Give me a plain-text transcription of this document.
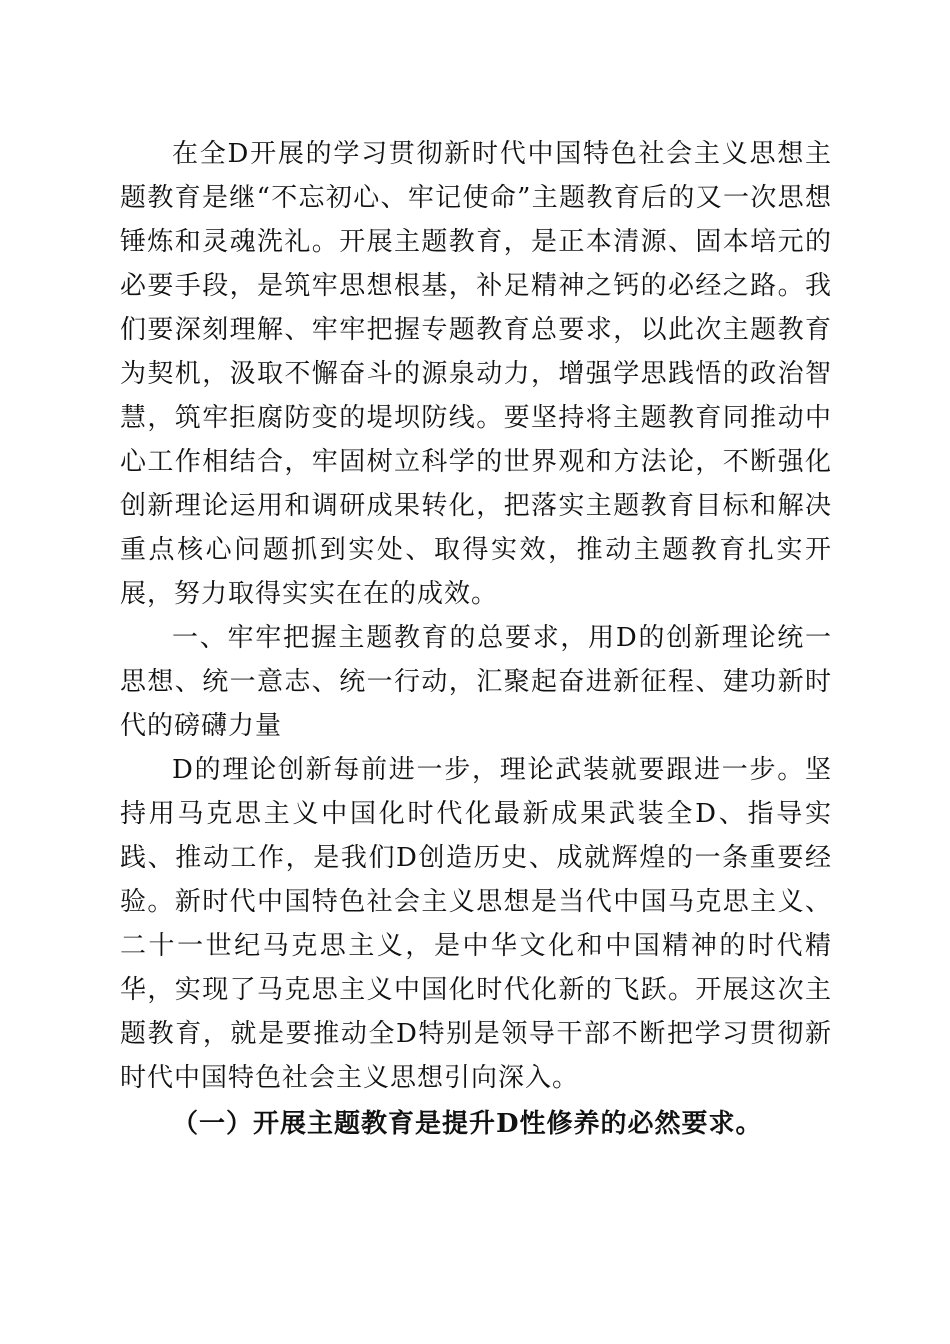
在全D开展的学习贯彻新时代中国特色社会主义思想主题教育是继“不忘初心、牢记使命”主题教育后的又一次思想锤炼和灵魂洗礼。开展主题教育，是正本清源、固本培元的必要手段，是筑牢思想根基，补足精神之钙的必经之路。我们要深刻理解、牢牢把握专题教育总要求，以此次主题教育为契机，汲取不懈奋斗的源泉动力，增强学思践悟的政治智慧，筑牢拒腐防变的堤坝防线。要坚持将主题教育同推动中心工作相结合，牢固树立科学的世界观和方法论，不断强化创新理论运用和调研成果转化，把落实主题教育目标和解决重点核心问题抓到实处、取得实效，推动主题教育扎实开展，努力取得实实在在的成效。

一、牢牢把握主题教育的总要求，用D的创新理论统一思想、统一意志、统一行动，汇聚起奋进新征程、建功新时代的磅礴力量

D的理论创新每前进一步，理论武装就要跟进一步。坚持用马克思主义中国化时代化最新成果武装全D、指导实践、推动工作，是我们D创造历史、成就辉煌的一条重要经验。新时代中国特色社会主义思想是当代中国马克思主义、二十一世纪马克思主义，是中华文化和中国精神的时代精华，实现了马克思主义中国化时代化新的飞跃。开展这次主题教育，就是要推动全D特别是领导干部不断把学习贯彻新时代中国特色社会主义思想引向深入。

（一）开展主题教育是提升D性修养的必然要求。
